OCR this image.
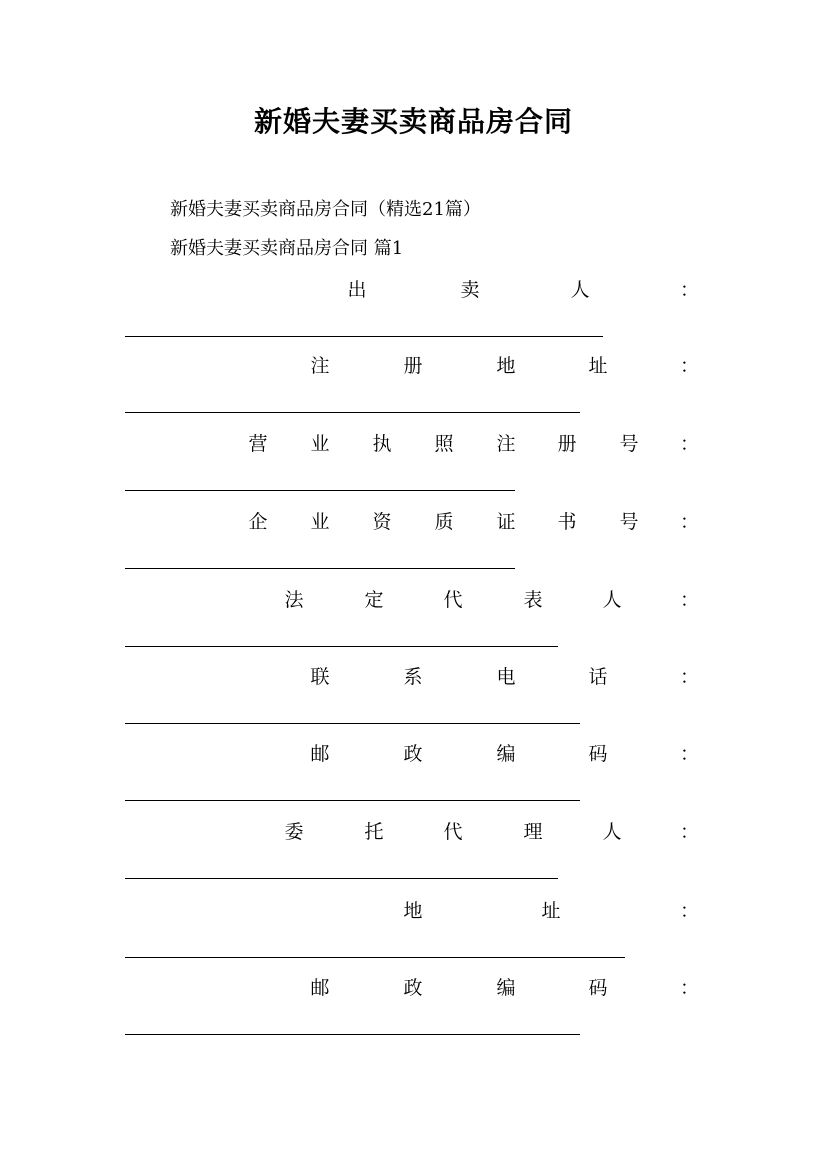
新婚夫妻买卖商品房合同
新婚夫妻买卖商品房合同（精选21篇）
新婚夫妻买卖商品房合同 篇1
出	卖	人	：
注	册	地	址	：
营 业 执 照 注 册 号 ：
企 业 资 质 证 书 号 ：
法	定	代	表	人	：
联	系	电	话	：
邮	政	编	码	：
委	托	代	理	人	：
地	址	：
邮	政	编	码	：
